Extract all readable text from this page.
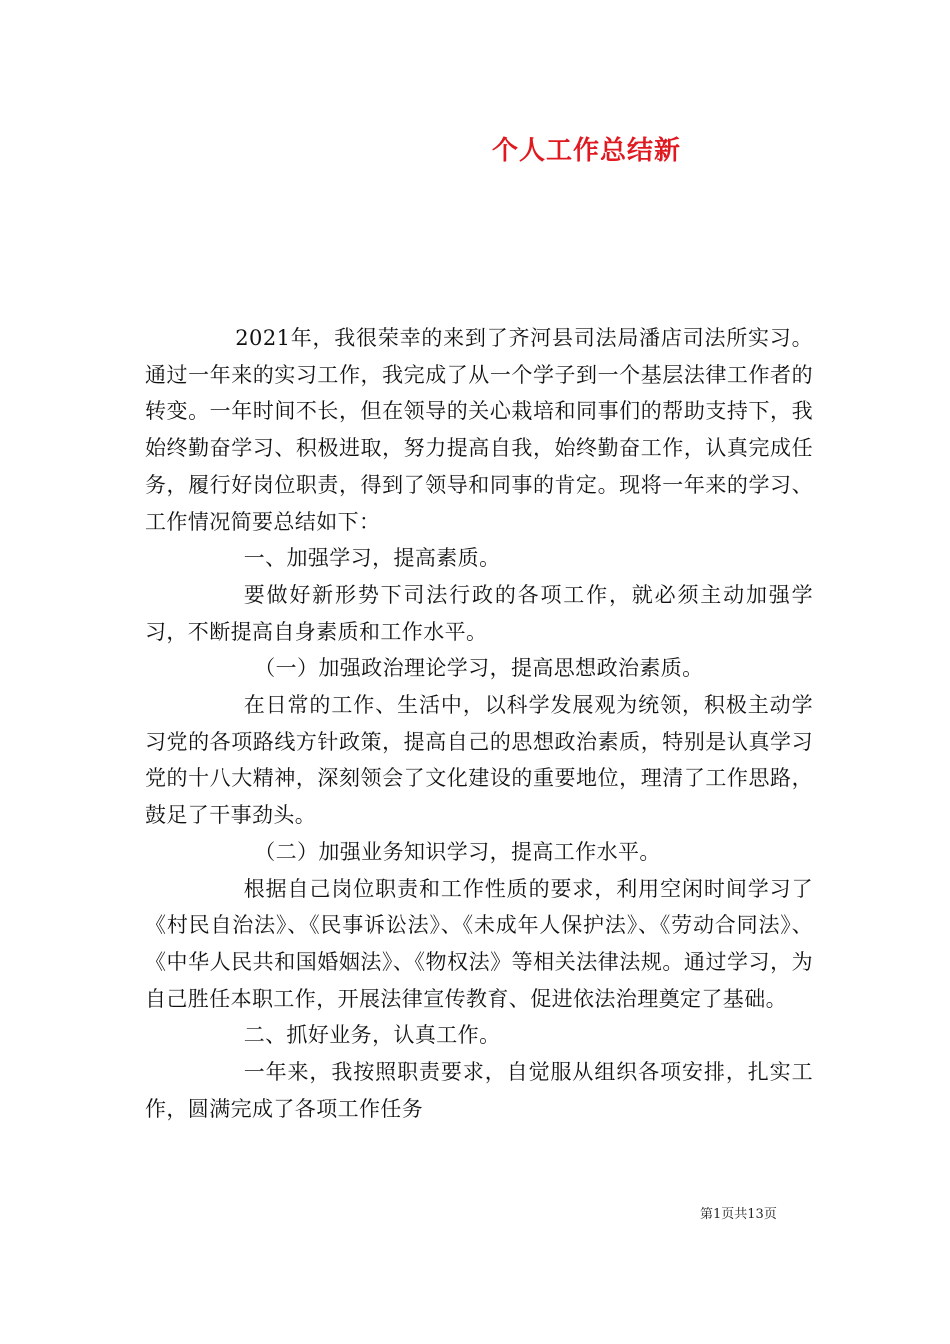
个人工作总结新

2021年，我很荣幸的来到了齐河县司法局潘店司法所实习。通过一年来的实习工作，我完成了从一个学子到一个基层法律工作者的转变。一年时间不长，但在领导的关心栽培和同事们的帮助支持下，我始终勤奋学习、积极进取，努力提高自我，始终勤奋工作，认真完成任务，履行好岗位职责，得到了领导和同事的肯定。现将一年来的学习、工作情况简要总结如下：

一、加强学习，提高素质。

要做好新形势下司法行政的各项工作，就必须主动加强学习，不断提高自身素质和工作水平。

（一）加强政治理论学习，提高思想政治素质。

在日常的工作、生活中，以科学发展观为统领，积极主动学习党的各项路线方针政策，提高自己的思想政治素质，特别是认真学习党的十八大精神，深刻领会了文化建设的重要地位，理清了工作思路，鼓足了干事劲头。

（二）加强业务知识学习，提高工作水平。

根据自己岗位职责和工作性质的要求，利用空闲时间学习了《村民自治法》、《民事诉讼法》、《未成年人保护法》、《劳动合同法》、《中华人民共和国婚姻法》、《物权法》等相关法律法规。通过学习，为自己胜任本职工作，开展法律宣传教育、促进依法治理奠定了基础。

二、抓好业务，认真工作。

一年来，我按照职责要求，自觉服从组织各项安排，扎实工作，圆满完成了各项工作任务

第1页共13页
